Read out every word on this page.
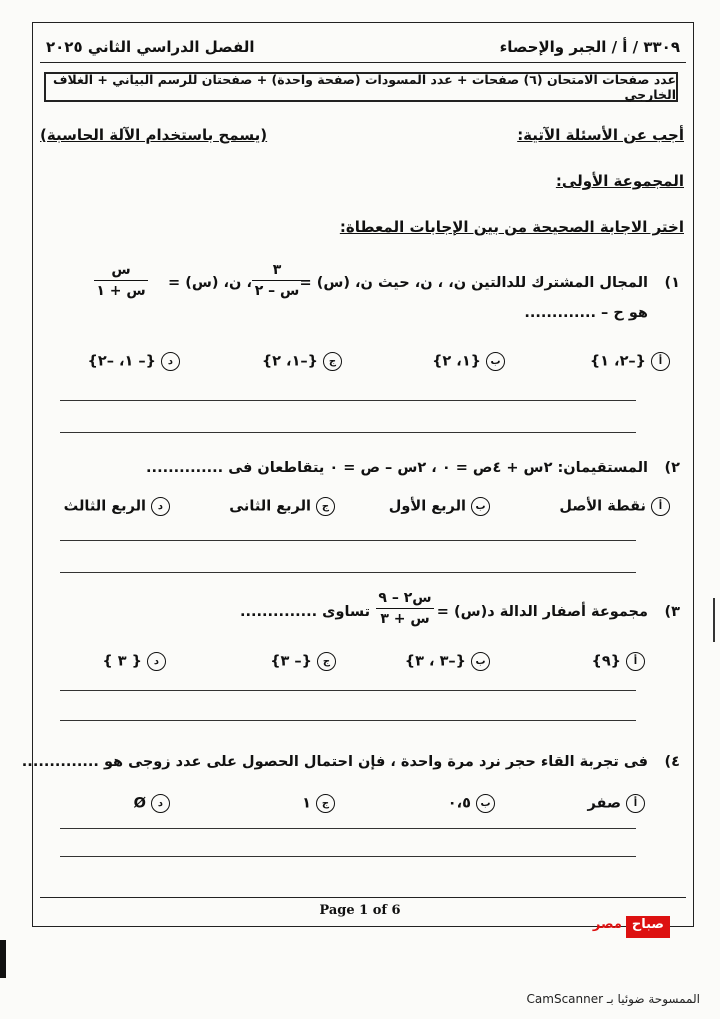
٣٣٠٩ / أ / الجبر والإحصاء
الفصل الدراسي الثاني ٢٠٢٥
عدد صفحات الامتحان (٦) صفحات + عدد المسودات (صفحة واحدة) + صفحتان للرسم البياني + الغلاف الخارجي
أجب عن الأسئلة الآتية:
(يسمح باستخدام الآلة الحاسبة)
المجموعة الأولى:
اختر الاجابة الصحيحة من بين الإجابات المعطاة:
١)
المجال المشترك للدالتين ن، ، ن، حيث ن، (س) =
٣
س – ٢
، ن، (س) =
س
س + ١
هو ح – .............
أ{–٢، ١}
ب{١، ٢}
ج{–١، ٢}
د{– ١، –٢}
٢)
المستقيمان: ٢س + ٤ص = ٠ ، ٢س – ص = ٠ يتقاطعان فى ..............
أنقطة الأصل
بالربع الأول
جالربع الثانى
دالربع الثالث
٣)
مجموعة أصفار الدالة د(س) =
س٢ – ٩
س + ٣
تساوى ..............
أ{٩}
ب{–٣ ، ٣}
ج{– ٣}
د{ ٣ }
٤)
فى تجربة القاء حجر نرد مرة واحدة ، فإن احتمال الحصول على عدد زوجى هو ..............
أصفر
ب٠،٥
ج١
دØ
Page 1 of 6
صباح
مصر
الممسوحة ضوئيا بـ CamScanner
